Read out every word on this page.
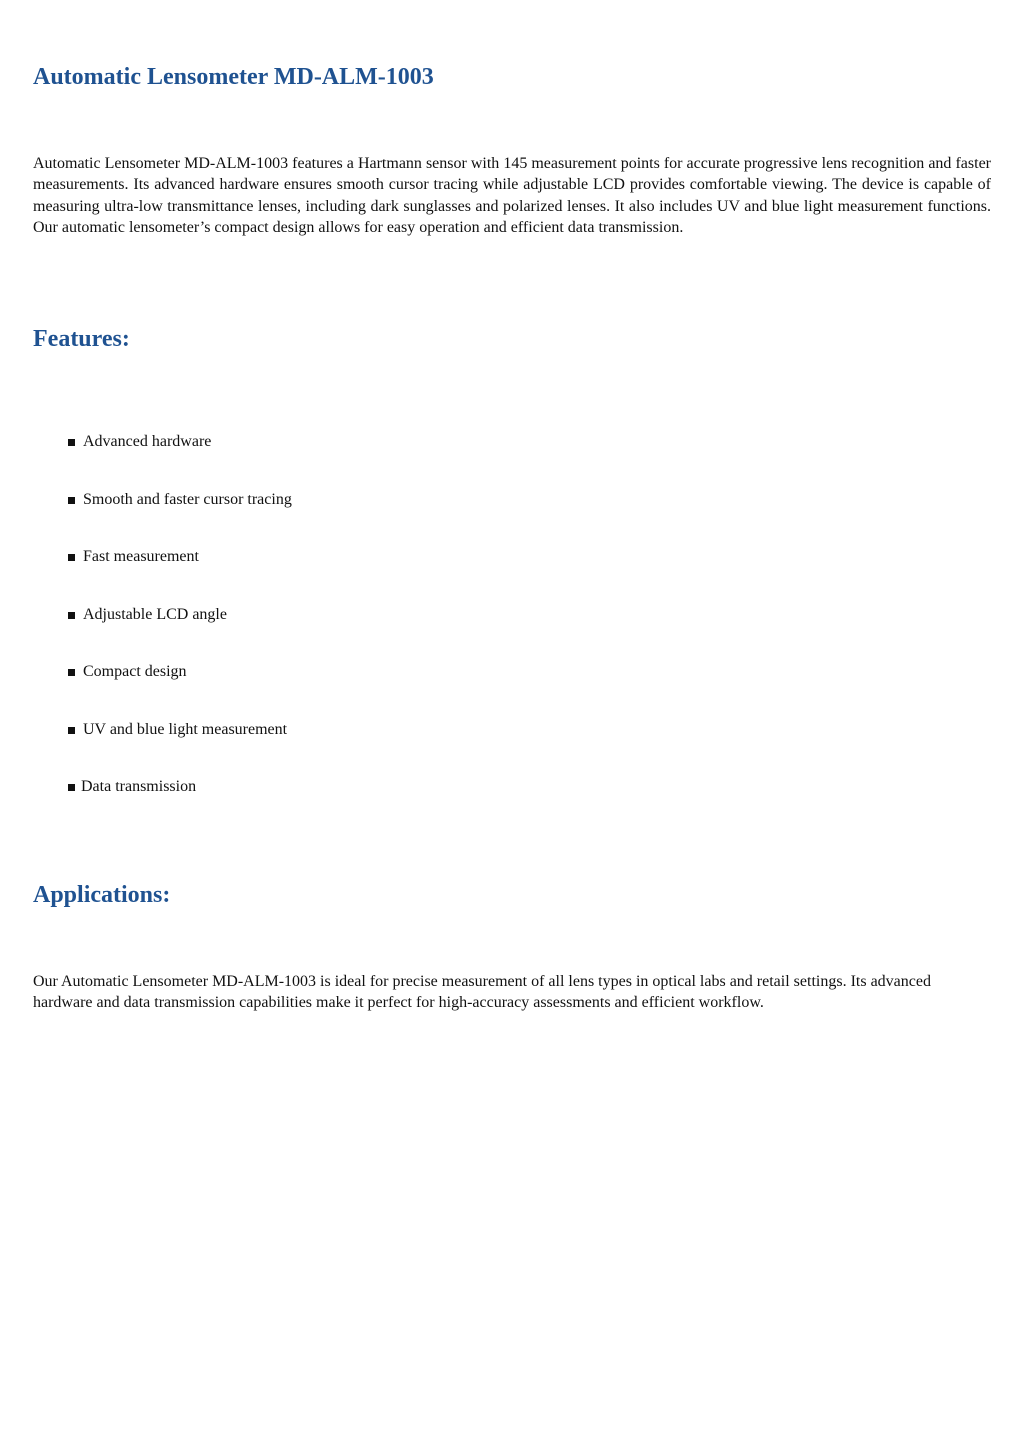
Automatic Lensometer MD-ALM-1003

Automatic Lensometer MD-ALM-1003 features a Hartmann sensor with 145 measurement points for accurate progressive lens recognition and faster measurements. Its advanced hardware ensures smooth cursor tracing while adjustable LCD provides comfortable viewing. The device is capable of measuring ultra-low transmittance lenses, including dark sunglasses and polarized lenses. It also includes UV and blue light measurement functions. Our automatic lensometer’s compact design allows for easy operation and efficient data transmission.

Features:
Advanced hardware
Smooth and faster cursor tracing
Fast measurement
Adjustable LCD angle
Compact design
UV and blue light measurement
Data transmission
Applications:

Our Automatic Lensometer MD-ALM-1003 is ideal for precise measurement of all lens types in optical labs and retail settings. Its advanced hardware and data transmission capabilities make it perfect for high-accuracy assessments and efficient workflow.
